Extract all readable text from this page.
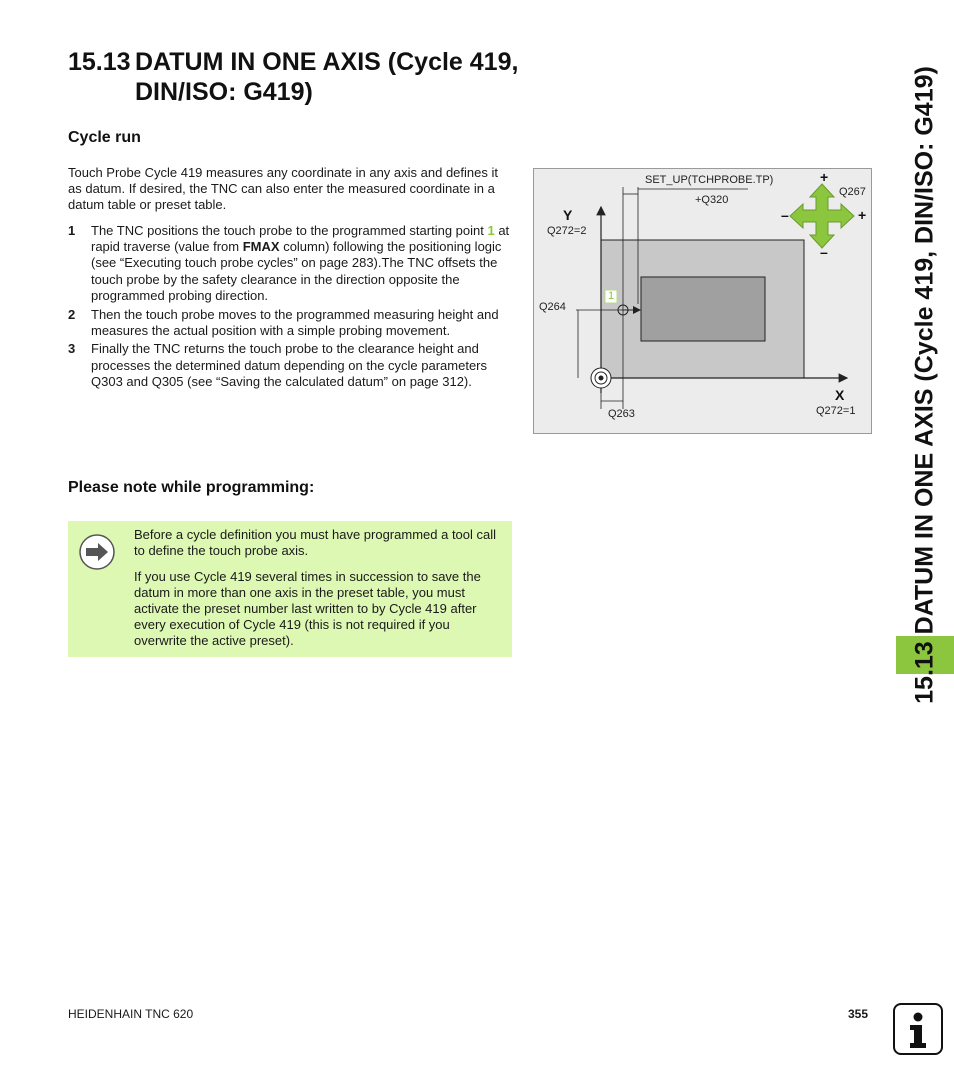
15.13 DATUM IN ONE AXIS (Cycle 419,
DIN/ISO: G419)
Cycle run

Touch Probe Cycle 419 measures any coordinate in any axis and defines it as datum. If desired, the TNC can also enter the measured coordinate in a datum table or preset table.

1	The TNC positions the touch probe to the programmed starting point 1 at rapid traverse (value from FMAX column) following the positioning logic (see “Executing touch probe cycles” on page 283).The TNC offsets the touch probe by the safety clearance in the direction opposite the programmed probing direction.
2	Then the touch probe moves to the programmed measuring height and measures the actual position with a simple probing movement.
3	Finally the TNC returns the touch probe to the clearance height and processes the determined datum depending on the cycle parameters Q303 and Q305 (see “Saving the calculated datum” on page 312).
SET_UP(TCHPROBE.TP)
+Q320
Y
Q272=2
Q264
Q263
X
Q272=1
Q267
1
+
+
–
–
Please note while programming:

Before a cycle definition you must have programmed a tool call to define the touch probe axis.

If you use Cycle 419 several times in succession to save the datum in more than one axis in the preset table, you must activate the preset number last written to by Cycle 419 after every execution of Cycle 419 (this is not required if you overwrite the active preset).	15.13 DATUM IN ONE AXIS (Cycle 419, DIN/ISO: G419)
HEIDENHAIN TNC 620	355
